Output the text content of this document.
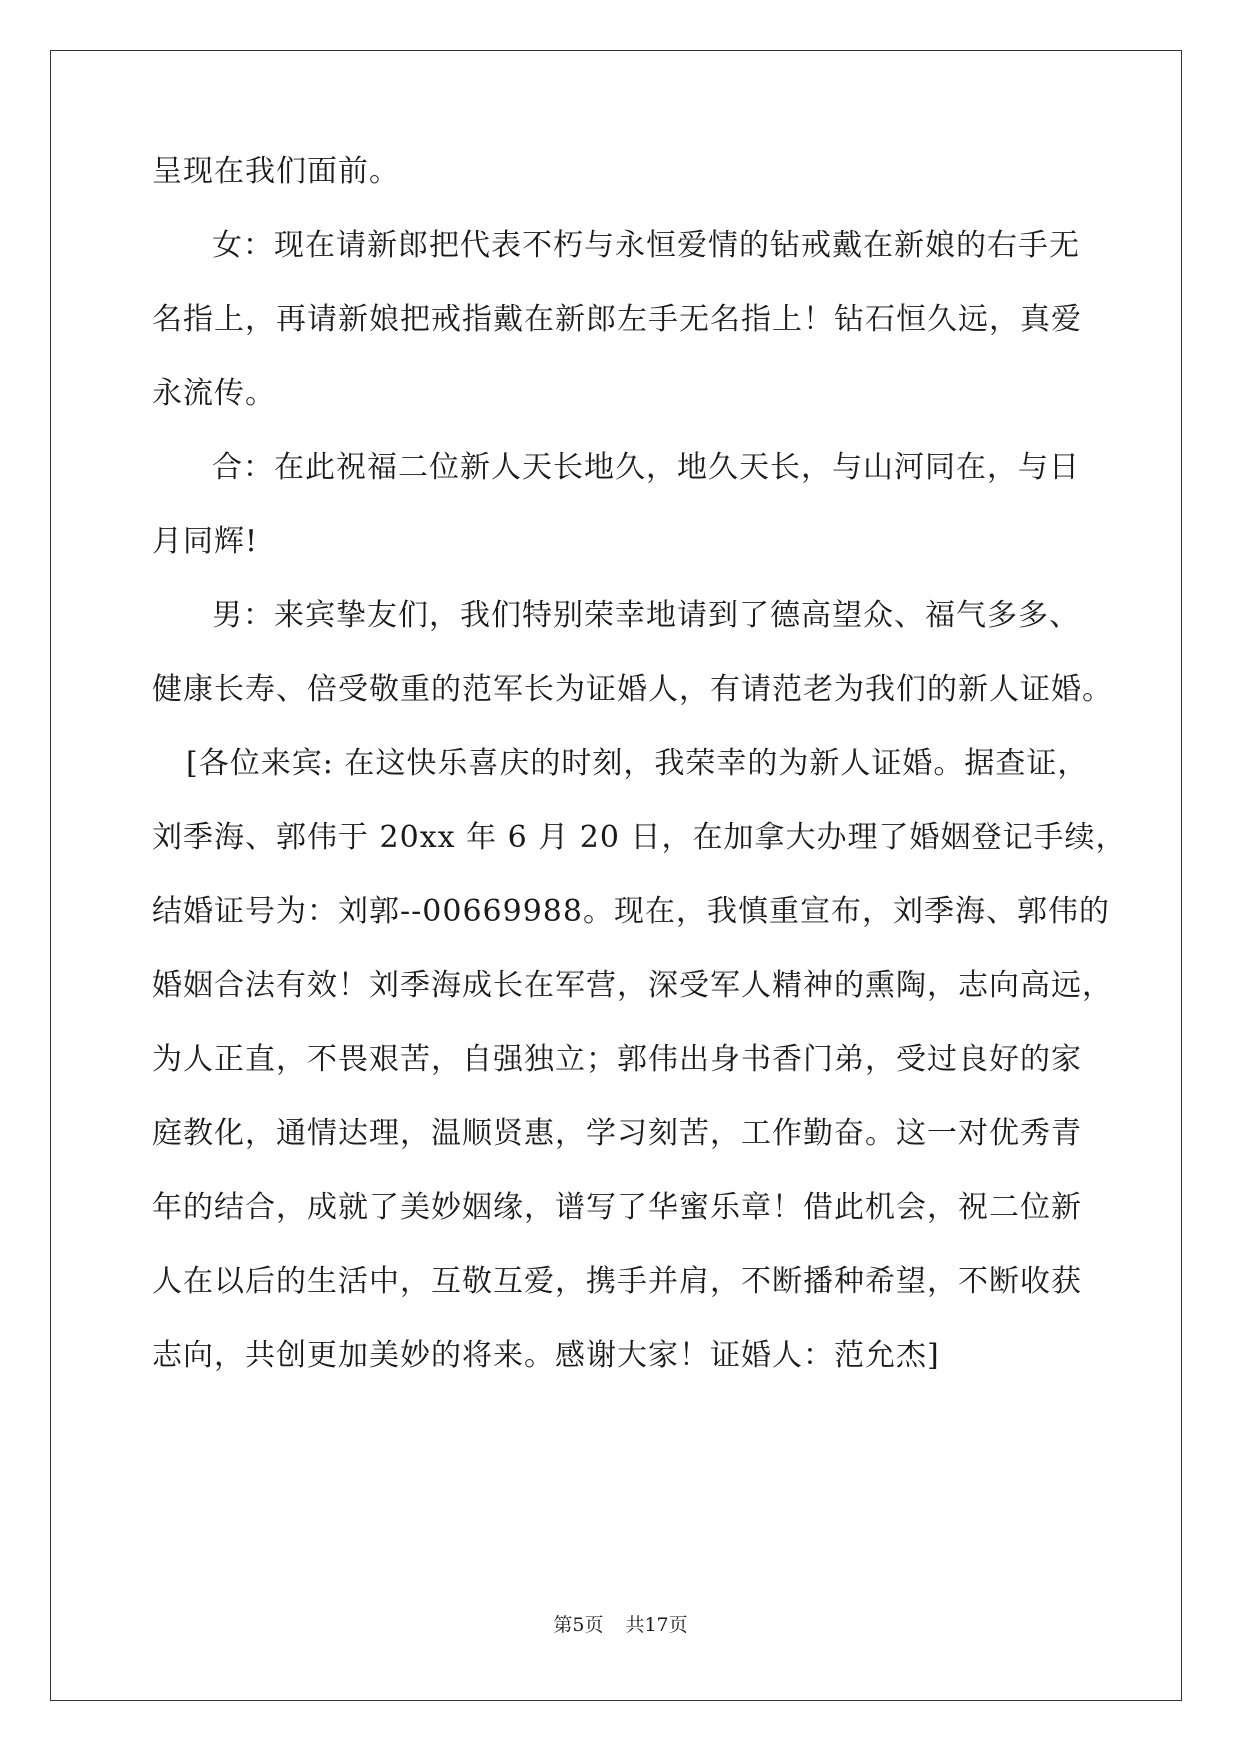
呈现在我们面前。
女：现在请新郎把代表不朽与永恒爱情的钻戒戴在新娘的右手无
名指上，再请新娘把戒指戴在新郎左手无名指上！钻石恒久远，真爱
永流传。
合：在此祝福二位新人天长地久，地久天长，与山河同在，与日
月同辉!
男：来宾挚友们，我们特别荣幸地请到了德高望众、福气多多、
健康长寿、倍受敬重的范军长为证婚人，有请范老为我们的新人证婚。
[各位来宾: 在这快乐喜庆的时刻，我荣幸的为新人证婚。据查证，
刘季海、郭伟于 20xx 年 6 月 20 日，在加拿大办理了婚姻登记手续，
结婚证号为：刘郭--00669988。现在，我慎重宣布，刘季海、郭伟的
婚姻合法有效！刘季海成长在军营，深受军人精神的熏陶，志向高远，
为人正直，不畏艰苦，自强独立；郭伟出身书香门弟，受过良好的家
庭教化，通情达理，温顺贤惠，学习刻苦，工作勤奋。这一对优秀青
年的结合，成就了美妙姻缘，谱写了华蜜乐章！借此机会，祝二位新
人在以后的生活中，互敬互爱，携手并肩，不断播种希望，不断收获
志向，共创更加美妙的将来。感谢大家！证婚人：范允杰]
第5页 共17页
